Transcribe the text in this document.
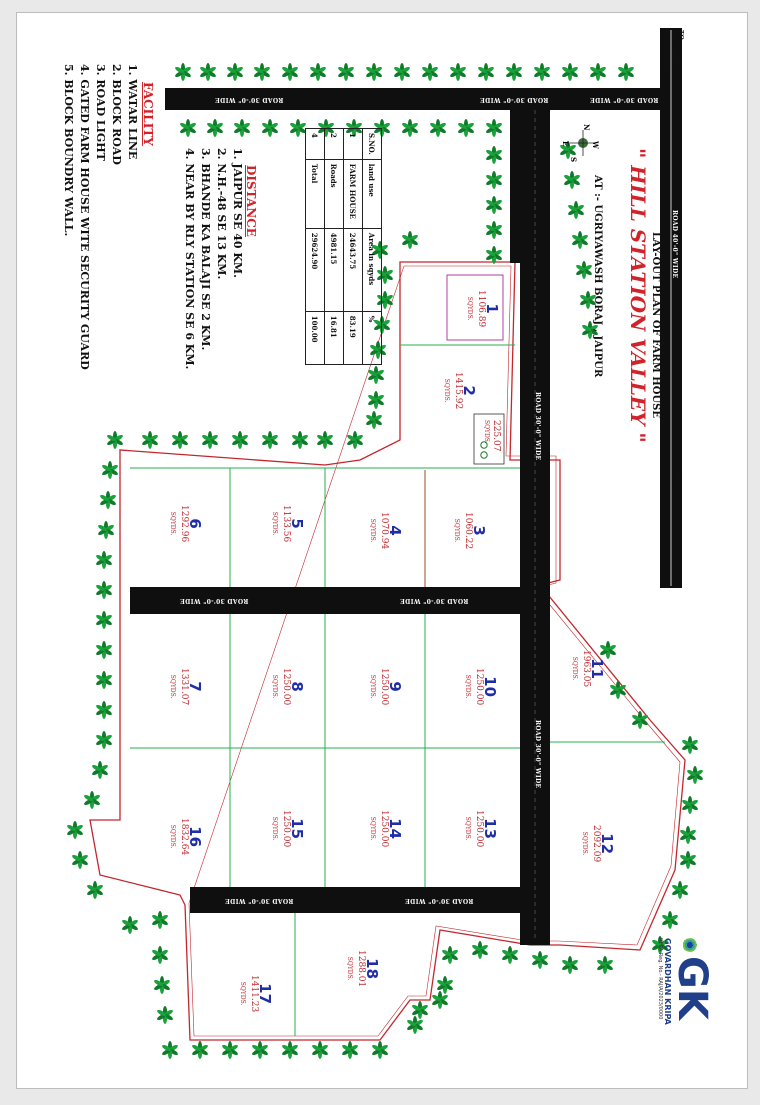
LAY-OUT PLAN OF FARM HOUSE
" HILL STATION VALLEY "
AT :- UGRIYAWASH BORAJ , JAIPUR
N
S
W
E
ROAD 40'-0" WIDE
ROAD 30'-0" WIDE
ROAD 30'-0" WIDE
ROAD 30'-0" WIDE	ROAD 30'-0" WIDE	ROAD 30'-0" WIDE
ROAD 30'-0" WIDE	ROAD 30'-0" WIDE
ROAD 30'-0" WIDE	ROAD 30'-0" WIDE
TO BHANDE KA BALAJI
TO BORAJ VILLAGE
1
1106.89
SQYDS.
2
1415.92
SQYDS.
3
1060.22
SQYDS.
4
1070.94
SQYDS.
5
1133.56
SQYDS.
6
1292.96
SQYDS.
7
1331.07
SQYDS.	8
1250.00
SQYDS.	9
1250.00
SQYDS.	10
1250.00
SQYDS.
11
1963.05
SQYDS.
12
2092.09
SQYDS.
13
1250.00
SQYDS.
14
1250.00
SQYDS.
15
1250.00
SQYDS.
16
1832.64
SQYDS.
17
1411.23
SQYDS.
18
1288.01
SQYDS.
225.07
SQYDS.
S.NO.	land use	Area in sqyds	%
1	FARM HOUSE	24643.75	83.19
2	Roads	4981.15	16.81
4	Total	29624.90	100.00
DISTANCE
1. JAIPUR SE 40 KM.
2. N.H.-48 SE 13 KM.
3. BHANDE KA BALAJI SE 2 KM.
4. NEAR BY RLY STATION SE 6 KM.
FACILITY
1. WATAR LINE
2. BLOCK ROAD
3. ROAD LIGHT
4. GATED FARM HOUSE WITE SECURITY GUARD
5. BLOCK BOUNDRY WALL.
GK
GOVARDHAN KRIPA
RERA Reg. No.- RAJ/A/2023/0000
